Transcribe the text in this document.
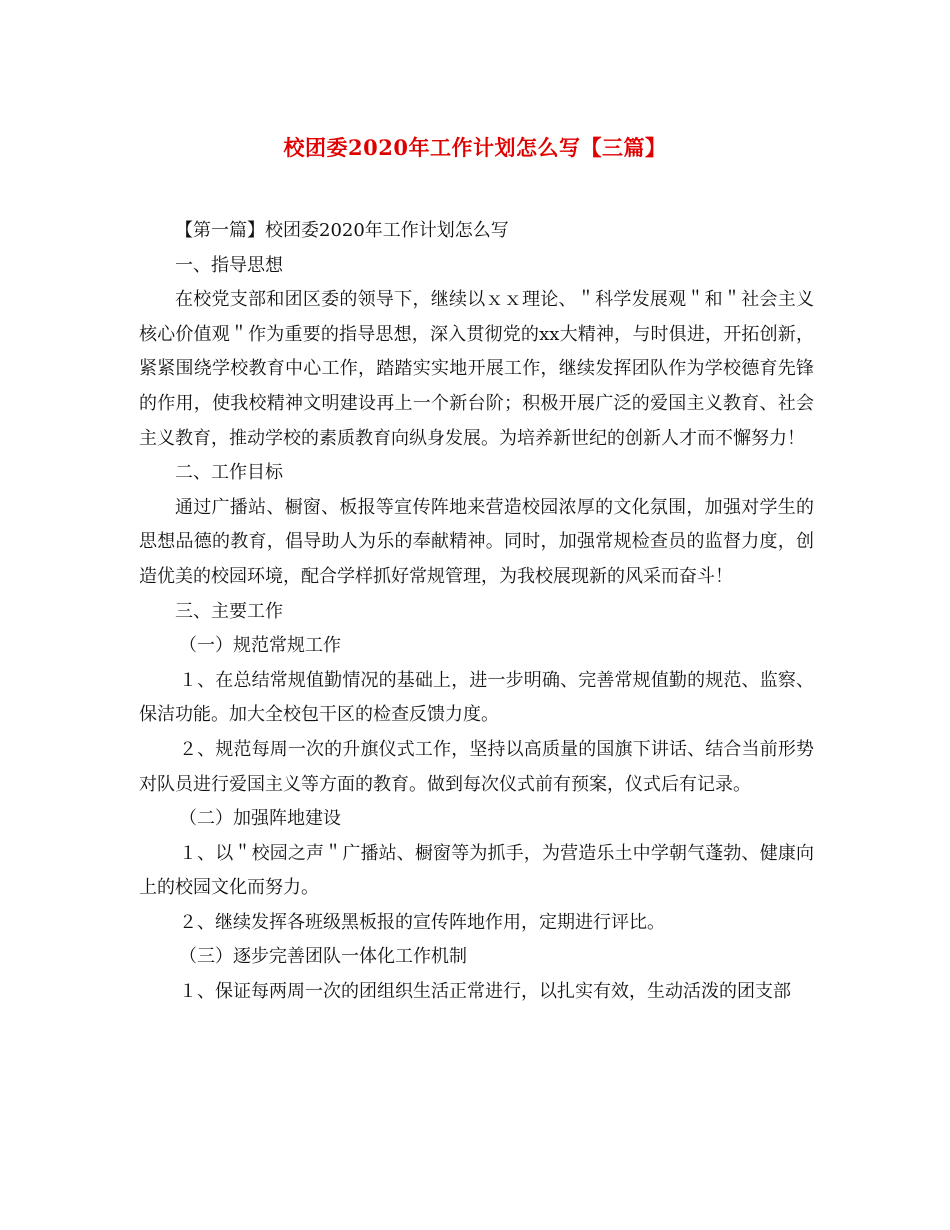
校团委2020年工作计划怎么写【三篇】

【第一篇】校团委2020年工作计划怎么写

一、指导思想

在校党支部和团区委的领导下，继续以ｘｘ理论、＂科学发展观＂和＂社会主义核心价值观＂作为重要的指导思想，深入贯彻党的xx大精神，与时俱进，开拓创新，紧紧围绕学校教育中心工作，踏踏实实地开展工作，继续发挥团队作为学校德育先锋的作用，使我校精神文明建设再上一个新台阶；积极开展广泛的爱国主义教育、社会主义教育，推动学校的素质教育向纵身发展。为培养新世纪的创新人才而不懈努力！

二、工作目标

通过广播站、橱窗、板报等宣传阵地来营造校园浓厚的文化氛围，加强对学生的思想品德的教育，倡导助人为乐的奉献精神。同时，加强常规检查员的监督力度，创造优美的校园环境，配合学样抓好常规管理，为我校展现新的风采而奋斗！

三、主要工作

（一）规范常规工作

１、在总结常规值勤情况的基础上，进一步明确、完善常规值勤的规范、监察、保洁功能。加大全校包干区的检查反馈力度。

２、规范每周一次的升旗仪式工作，坚持以高质量的国旗下讲话、结合当前形势对队员进行爱国主义等方面的教育。做到每次仪式前有预案，仪式后有记录。

（二）加强阵地建设

１、以＂校园之声＂广播站、橱窗等为抓手，为营造乐土中学朝气蓬勃、健康向上的校园文化而努力。

２、继续发挥各班级黑板报的宣传阵地作用，定期进行评比。

（三）逐步完善团队一体化工作机制

１、保证每两周一次的团组织生活正常进行，以扎实有效，生动活泼的团支部
